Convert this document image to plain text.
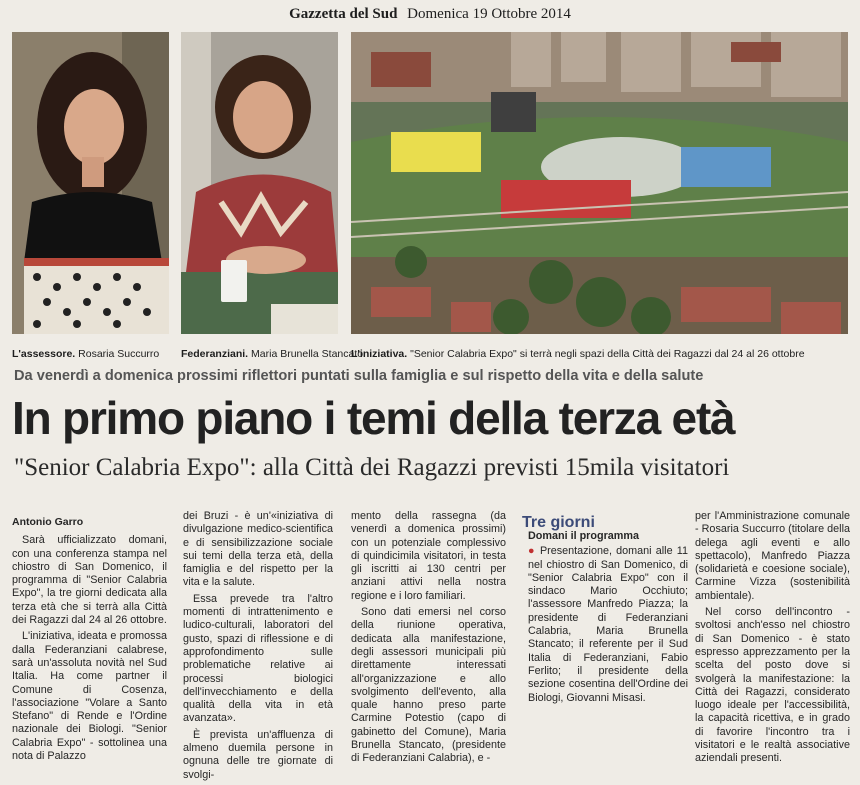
Gazzetta del Sud Domenica 19 Ottobre 2014
L'assessore. Rosaria Succurro Federanziani. Maria Brunella Stancato
L'iniziativa. "Senior Calabria Expo" si terrà negli spazi della Città dei Ragazzi dal 24 al 26 ottobre
Da venerdì a domenica prossimi riflettori puntati sulla famiglia e sul rispetto della vita e della salute
In primo piano i temi della terza età
"Senior Calabria Expo": alla Città dei Ragazzi previsti 15mila visitatori
Antonio Garro

Sarà ufficializzato domani, con una conferenza stampa nel chiostro di San Domenico, il programma di "Senior Calabria Expo", la tre giorni dedicata alla terza età che si terrà alla Città dei Ragazzi dal 24 al 26 ottobre.

L'iniziativa, ideata e promossa dalla Federanziani calabrese, sarà un'assoluta novità nel Sud Italia. Ha come partner il Comune di Cosenza, l'associazione "Volare a Santo Stefano" di Rende e l'Ordine nazionale dei Biologi. "Senior Calabria Expo" - sottolinea una nota di Palazzo

dei Bruzi - è un'«iniziativa di divulgazione medico-scientifica e di sensibilizzazione sociale sui temi della terza età, della famiglia e del rispetto per la vita e la salute.

Essa prevede tra l'altro momenti di intrattenimento e ludico-culturali, laboratori del gusto, spazi di riflessione e di approfondimento sulle problematiche relative ai processi biologici dell'invecchiamento e della qualità della vita in età avanzata».

È prevista un'affluenza di almeno duemila persone in ognuna delle tre giornate di svolgi-

mento della rassegna (da venerdì a domenica prossimi) con un potenziale complessivo di quindicimila visitatori, in testa gli iscritti ai 130 centri per anziani attivi nella nostra regione e i loro familiari.

Sono dati emersi nel corso della riunione operativa, dedicata alla manifestazione, degli assessori municipali più direttamente interessati all'organizzazione e allo svolgimento dell'evento, alla quale hanno preso parte Carmine Potestio (capo di gabinetto del Comune), Maria Brunella Stancato, (presidente di Federanziani Calabria), e -

Tre giorni
Domani il programma

● Presentazione, domani alle 11 nel chiostro di San Domenico, di "Senior Calabria Expo" con il sindaco Mario Occhiuto; l'assessore Manfredo Piazza; la presidente di Federanziani Calabria, Maria Brunella Stancato; il referente per il Sud Italia di Federanziani, Fabio Ferlito; il presidente della sezione cosentina dell'Ordine dei Biologi, Giovanni Misasi.

per l'Amministrazione comunale - Rosaria Succurro (titolare della delega agli eventi e allo spettacolo), Manfredo Piazza (solidarietà e coesione sociale), Carmine Vizza (sostenibilità ambientale).

Nel corso dell'incontro - svoltosi anch'esso nel chiostro di San Domenico - è stato espresso apprezzamento per la scelta del posto dove si svolgerà la manifestazione: la Città dei Ragazzi, considerato luogo ideale per l'accessibilità, la capacità ricettiva, e in grado di favorire l'incontro tra i visitatori e le realtà associative aziendali presenti.
